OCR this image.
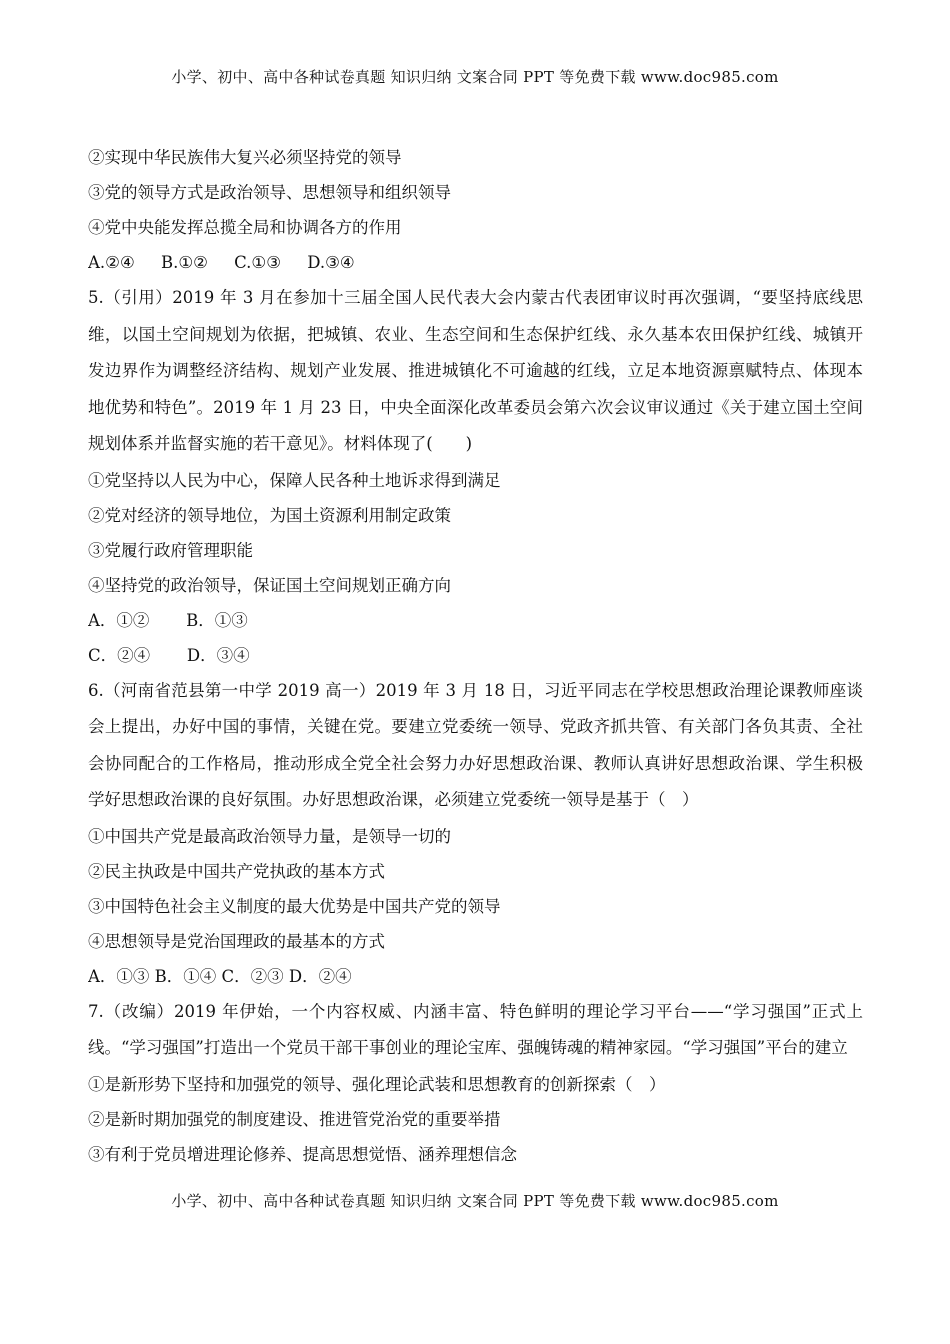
小学、初中、高中各种试卷真题 知识归纳 文案合同 PPT 等免费下载 www.doc985.com
②实现中华民族伟大复兴必须坚持党的领导
③党的领导方式是政治领导、思想领导和组织领导
④党中央能发挥总揽全局和协调各方的作用
A.②④     B.①②     C.①③     D.③④
5.（引用）2019 年 3 月在参加十三届全国人民代表大会内蒙古代表团审议时再次强调，“要坚持底线思维，以国土空间规划为依据，把城镇、农业、生态空间和生态保护红线、永久基本农田保护红线、城镇开发边界作为调整经济结构、规划产业发展、推进城镇化不可逾越的红线，立足本地资源禀赋特点、体现本地优势和特色”。2019 年 1 月 23 日，中央全面深化改革委员会第六次会议审议通过《关于建立国土空间规划体系并监督实施的若干意见》。材料体现了(　　)
①党坚持以人民为中心，保障人民各种土地诉求得到满足
②党对经济的领导地位，为国土资源利用制定政策
③党履行政府管理职能
④坚持党的政治领导，保证国土空间规划正确方向
A．①②       B．①③
C．②④       D．③④
6.（河南省范县第一中学 2019 高一）2019 年 3 月 18 日，习近平同志在学校思想政治理论课教师座谈会上提出，办好中国的事情，关键在党。要建立党委统一领导、党政齐抓共管、有关部门各负其责、全社会协同配合的工作格局，推动形成全党全社会努力办好思想政治课、教师认真讲好思想政治课、学生积极学好思想政治课的良好氛围。办好思想政治课，必须建立党委统一领导是基于（　）
①中国共产党是最高政治领导力量，是领导一切的
②民主执政是中国共产党执政的基本方式
③中国特色社会主义制度的最大优势是中国共产党的领导
④思想领导是党治国理政的最基本的方式
A．①③ B．①④ C．②③ D．②④
7.（改编）2019 年伊始，一个内容权威、内涵丰富、特色鲜明的理论学习平台——“学习强国”正式上线。“学习强国”打造出一个党员干部干事创业的理论宝库、强魄铸魂的精神家园。“学习强国”平台的建立
①是新形势下坚持和加强党的领导、强化理论武装和思想教育的创新探索（　）
②是新时期加强党的制度建设、推进管党治党的重要举措
③有利于党员增进理论修养、提高思想觉悟、涵养理想信念
小学、初中、高中各种试卷真题 知识归纳 文案合同 PPT 等免费下载 www.doc985.com
